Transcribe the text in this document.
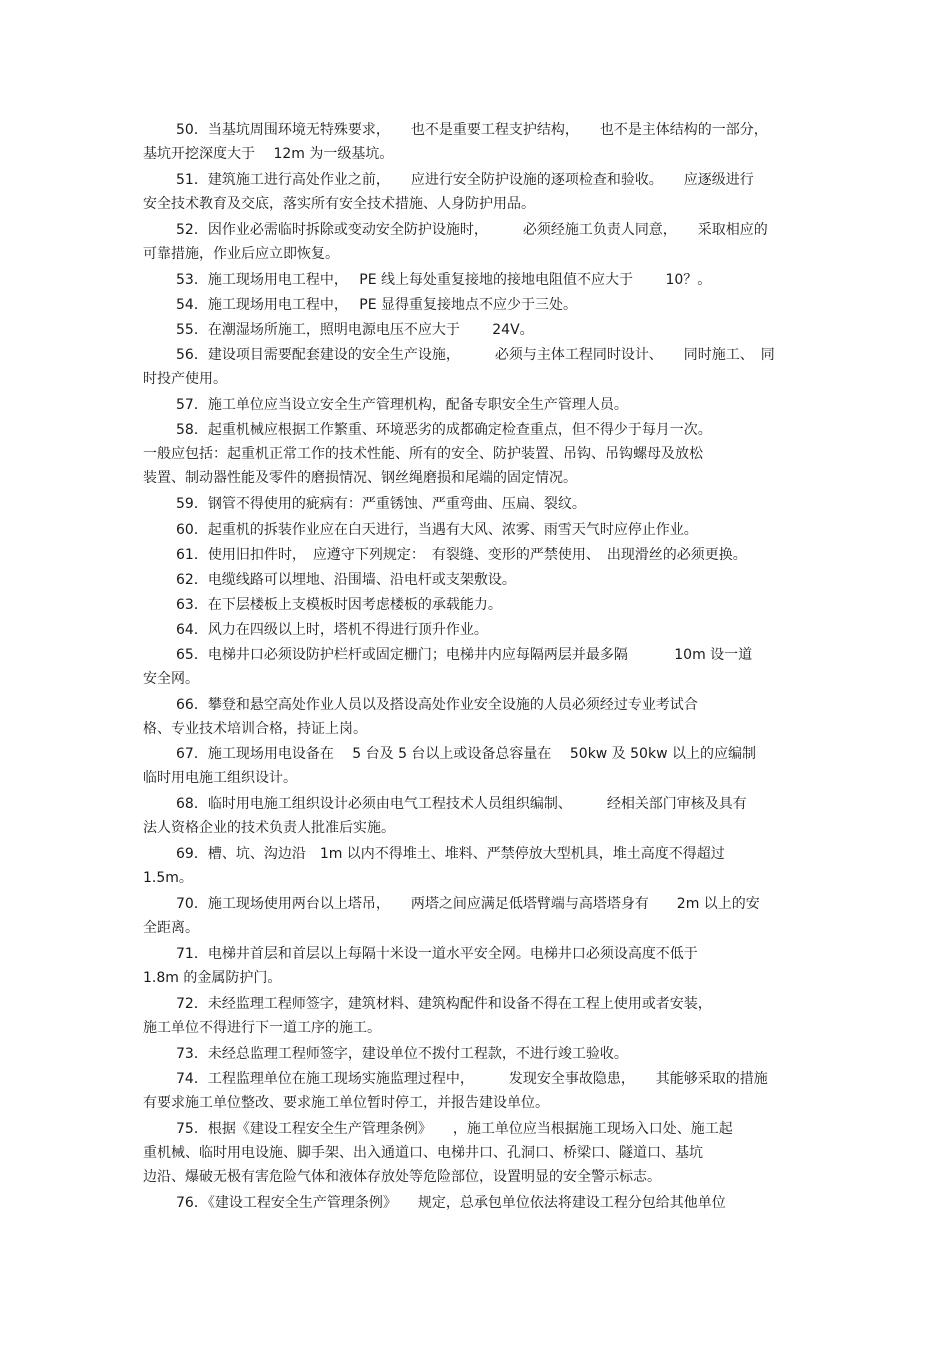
50．当基坑周围环境无特殊要求，　　也不是重要工程支护结构，　　也不是主体结构的一部分，
基坑开挖深度大于　 12m 为一级基坑。
51．建筑施工进行高处作业之前，　　应进行安全防护设施的逐项检查和验收。　　应逐级进行
安全技术教育及交底，落实所有安全技术措施、人身防护用品。
52．因作业必需临时拆除或变动安全防护设施时，　　　必须经施工负责人同意，　　采取相应的
可靠措施，作业后应立即恢复。
53．施工现场用电工程中，　 PE 线上每处重复接地的接地电阻值不应大于　　 10？。
54．施工现场用电工程中，　 PE 显得重复接地点不应少于三处。
55．在潮湿场所施工，照明电源电压不应大于　　 24V。
56．建设项目需要配套建设的安全生产设施，　　　必须与主体工程同时设计、　　同时施工、　同
时投产使用。
57．施工单位应当设立安全生产管理机构，配备专职安全生产管理人员。
58．起重机械应根据工作繁重、环境恶劣的成都确定检查重点，但不得少于每月一次。
一般应包括：起重机正常工作的技术性能、所有的安全、防护装置、吊钩、吊钩螺母及放松
装置、制动器性能及零件的磨损情况、钢丝绳磨损和尾端的固定情况。
59．钢管不得使用的疵病有：严重锈蚀、严重弯曲、压扁、裂纹。
60．起重机的拆装作业应在白天进行，当遇有大风、浓雾、雨雪天气时应停止作业。
61．使用旧扣件时，　应遵守下列规定：　有裂缝、变形的严禁使用、　出现滑丝的必须更换。
62．电缆线路可以埋地、沿围墙、沿电杆或支架敷设。
63．在下层楼板上支模板时因考虑楼板的承载能力。
64．风力在四级以上时，塔机不得进行顶升作业。
65．电梯井口必须设防护栏杆或固定栅门；电梯井内应每隔两层并最多隔　　　 10m 设一道
安全网。
66．攀登和悬空高处作业人员以及搭设高处作业安全设施的人员必须经过专业考试合
格、专业技术培训合格，持证上岗。
67．施工现场用电设备在　 5 台及 5 台以上或设备总容量在　 50kw 及 50kw 以上的应编制
临时用电施工组织设计。
68．临时用电施工组织设计必须由电气工程技术人员组织编制、　　　经相关部门审核及具有
法人资格企业的技术负责人批准后实施。
69．槽、坑、沟边沿　1m 以内不得堆土、堆料、严禁停放大型机具，堆土高度不得超过
1.5m。
70．施工现场使用两台以上塔吊，　　两塔之间应满足低塔臂端与高塔塔身有　　2m 以上的安
全距离。
71．电梯井首层和首层以上每隔十米设一道水平安全网。电梯井口必须设高度不低于
1.8m 的金属防护门。
72．未经监理工程师签字，建筑材料、建筑构配件和设备不得在工程上使用或者安装，
施工单位不得进行下一道工序的施工。
73．未经总监理工程师签字，建设单位不拨付工程款，不进行竣工验收。
74．工程监理单位在施工现场实施监理过程中，　　　发现安全事故隐患，　　其能够采取的措施
有要求施工单位整改、要求施工单位暂时停工，并报告建设单位。
75．根据《建设工程安全生产管理条例》　　，施工单位应当根据施工现场入口处、施工起
重机械、临时用电设施、脚手架、出入通道口、电梯井口、孔洞口、桥梁口、隧道口、基坑
边沿、爆破无极有害危险气体和液体存放处等危险部位，设置明显的安全警示标志。
76．《建设工程安全生产管理条例》　　规定，总承包单位依法将建设工程分包给其他单位
